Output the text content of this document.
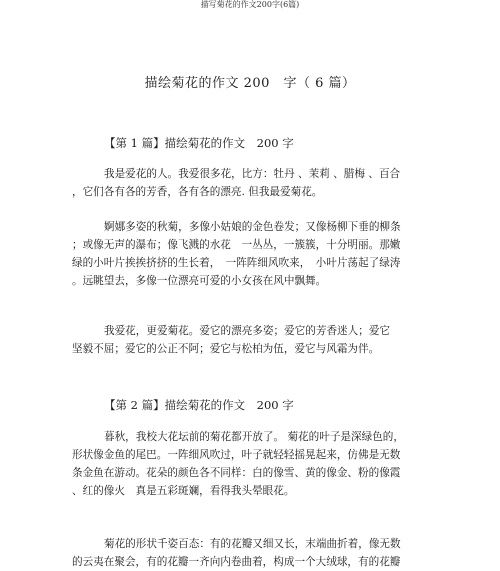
描写菊花的作文200字(6篇)
描绘菊花的作文 200　字（ 6 篇）
【第 1 篇】描绘菊花的作文　200 字
我是爱花的人。我爱很多花，比方：牡丹 、茉莉 、腊梅 、百合
，它们各有各的芳香，各有各的漂亮. 但我最爱菊花。
婀娜多姿的秋菊，多像小姑娘的金色卷发；又像杨柳下垂的柳条
；或像无声的瀑布；像飞溅的水花　一丛丛，一簇簇，十分明丽。那嫩
绿的小叶片挨挨挤挤的生长着，　一阵阵细风吹来，　小叶片荡起了绿涛
。远眺望去，多像一位漂亮可爱的小女孩在风中飘舞。
我爱花，更爱菊花。爱它的漂亮多姿；爱它的芳香迷人；爱它
坚毅不屈；爱它的公正不阿；爱它与松柏为伍，爱它与风霜为伴。
【第 2 篇】描绘菊花的作文　200 字
暮秋，我校大花坛前的菊花都开放了。 菊花的叶子是深绿色的，
形状像金鱼的尾巴。一阵细风吹过，叶子就轻轻摇晃起来，仿佛是无数
条金鱼在游动。花朵的颜色各不同样：白的像雪、黄的像金、粉的像霞
、红的像火　真是五彩斑斓，看得我头晕眼花。
菊花的形状千姿百态：有的花瓣又细又长，末端曲折着，像无数
的云夷在聚会，有的花瓣一齐向内卷曲着，构成一个大绒球，有的花瓣
